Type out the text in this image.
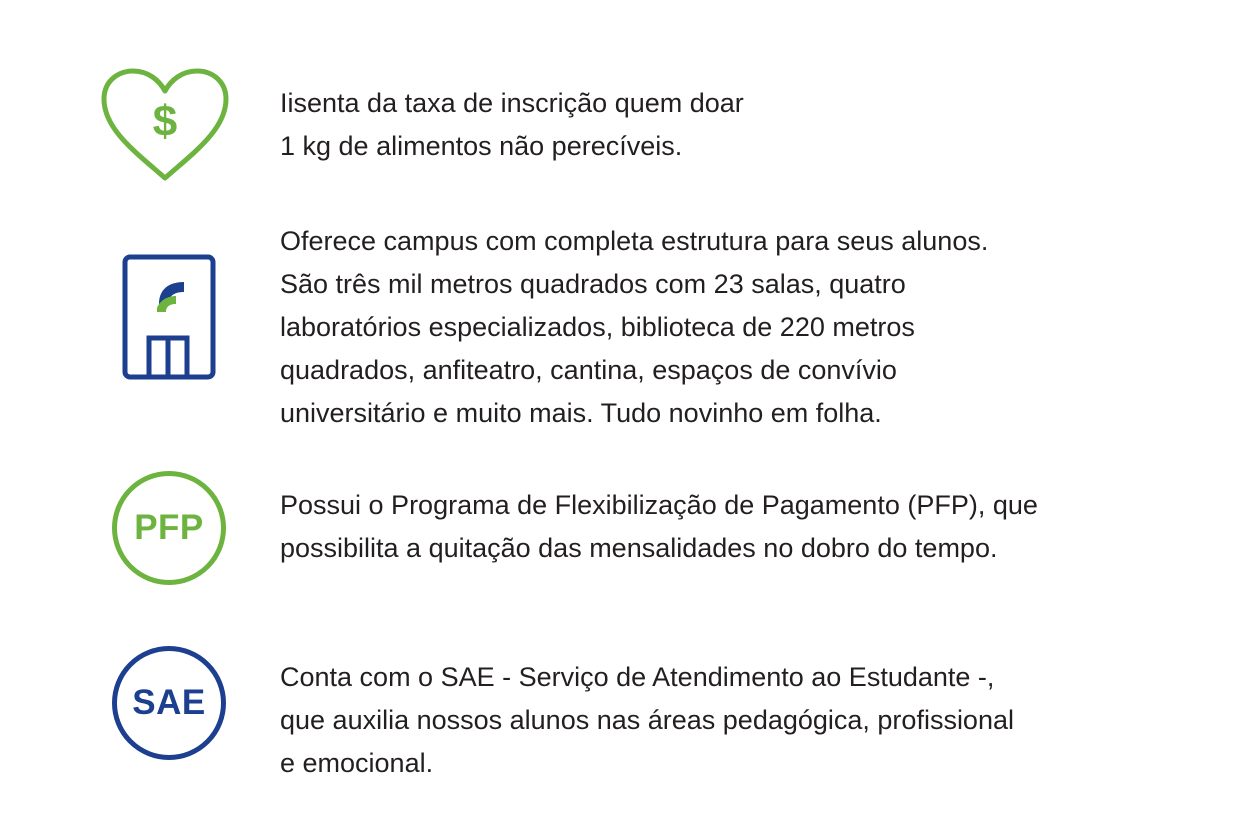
$	Iisenta da taxa de inscrição quem doar
1 kg de alimentos não perecíveis.

Oferece campus com completa estrutura para seus alunos.
São três mil metros quadrados com 23 salas, quatro
laboratórios especializados, biblioteca de 220 metros
quadrados, anfiteatro, cantina, espaços de convívio
universitário e muito mais. Tudo novinho em folha.

PFP

Possui o Programa de Flexibilização de Pagamento (PFP), que
possibilita a quitação das mensalidades no dobro do tempo.

SAE

Conta com o SAE - Serviço de Atendimento ao Estudante -,
que auxilia nossos alunos nas áreas pedagógica, profissional
e emocional.
